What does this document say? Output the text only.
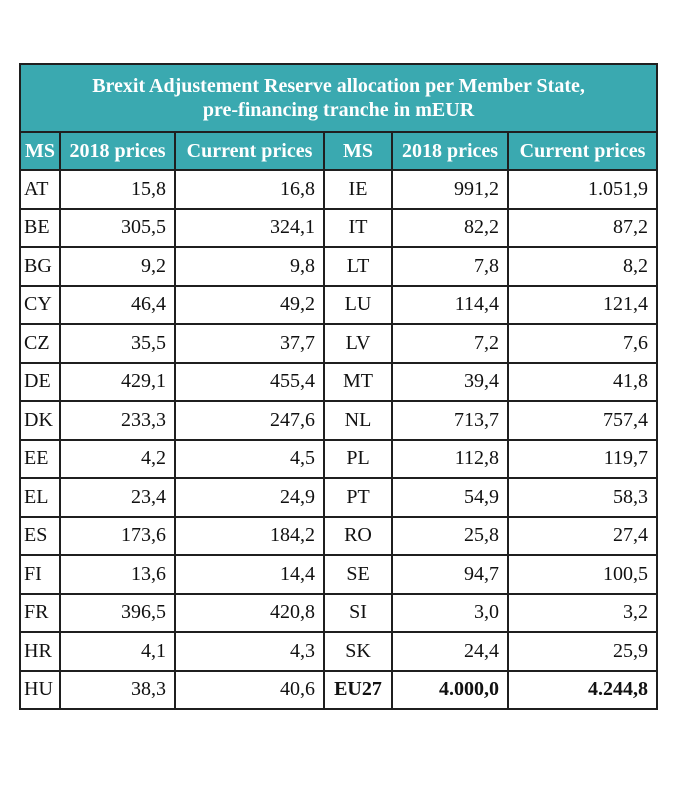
Brexit Adjustement Reserve allocation per Member State,
pre-financing tranche in mEUR					

MS	2018 prices	Current prices	MS	2018 prices	Current prices
AT	15,8	16,8	IE	991,2	1.051,9
BE	305,5	324,1	IT	82,2	87,2
BG	9,2	9,8	LT	7,8	8,2
CY	46,4	49,2	LU	114,4	121,4
CZ	35,5	37,7	LV	7,2	7,6
DE	429,1	455,4	MT	39,4	41,8
DK	233,3	247,6	NL	713,7	757,4
EE	4,2	4,5	PL	112,8	119,7
EL	23,4	24,9	PT	54,9	58,3
ES	173,6	184,2	RO	25,8	27,4
FI	13,6	14,4	SE	94,7	100,5
FR	396,5	420,8	SI	3,0	3,2
HR	4,1	4,3	SK	24,4	25,9
HU	38,3	40,6	EU27	4.000,0	4.244,8
